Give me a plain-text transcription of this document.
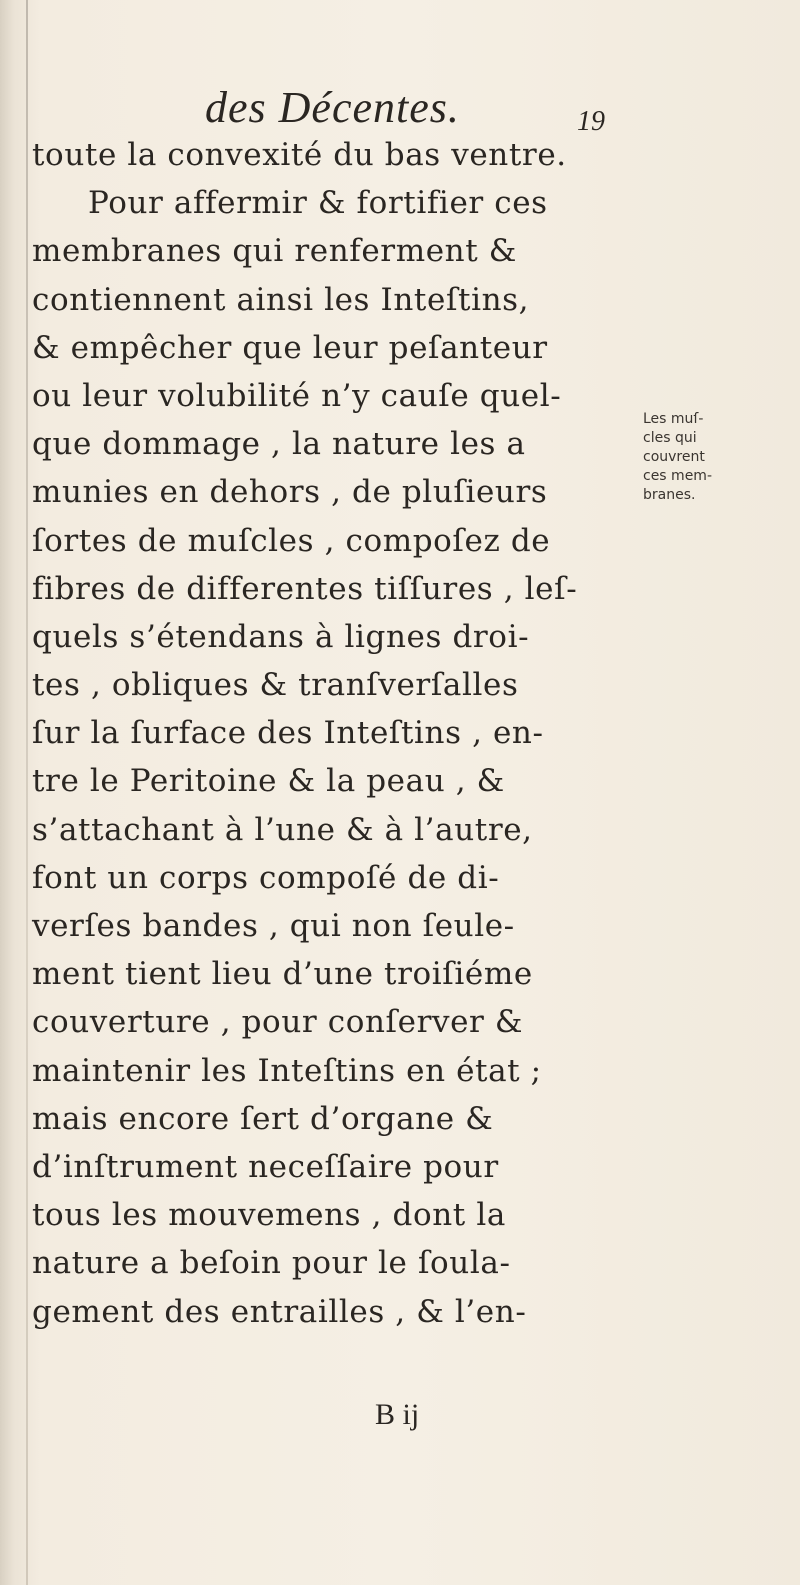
des Décentes.	19
toute la convexité du bas ventre.
Pour affermir & fortifier ces
membranes qui renferment &
contiennent ainsi les Inteſtins,
& empêcher que leur peſanteur
ou leur volubilité n’y cauſe quel-
que dommage , la nature les a
munies en dehors , de pluſieurs
ſortes de muſcles , compoſez de
fibres de differentes tiſſures , leſ-
quels s’étendans à lignes droi-
tes , obliques & tranſverſalles
ſur la ſurface des Inteſtins , en-
tre le Peritoine & la peau , &
s’attachant à l’une & à l’autre,
font un corps compoſé de di-
verſes bandes , qui non ſeule-
ment tient lieu d’une troiſiéme
couverture , pour conſerver &
maintenir les Inteſtins en état ;
mais encore ſert d’organe &
d’inſtrument neceſſaire pour
tous les mouvemens , dont la
nature a beſoin pour le ſoula-
gement des entrailles , & l’en-
Les muſ-
cles qui
couvrent
ces mem-
branes.
B ij
